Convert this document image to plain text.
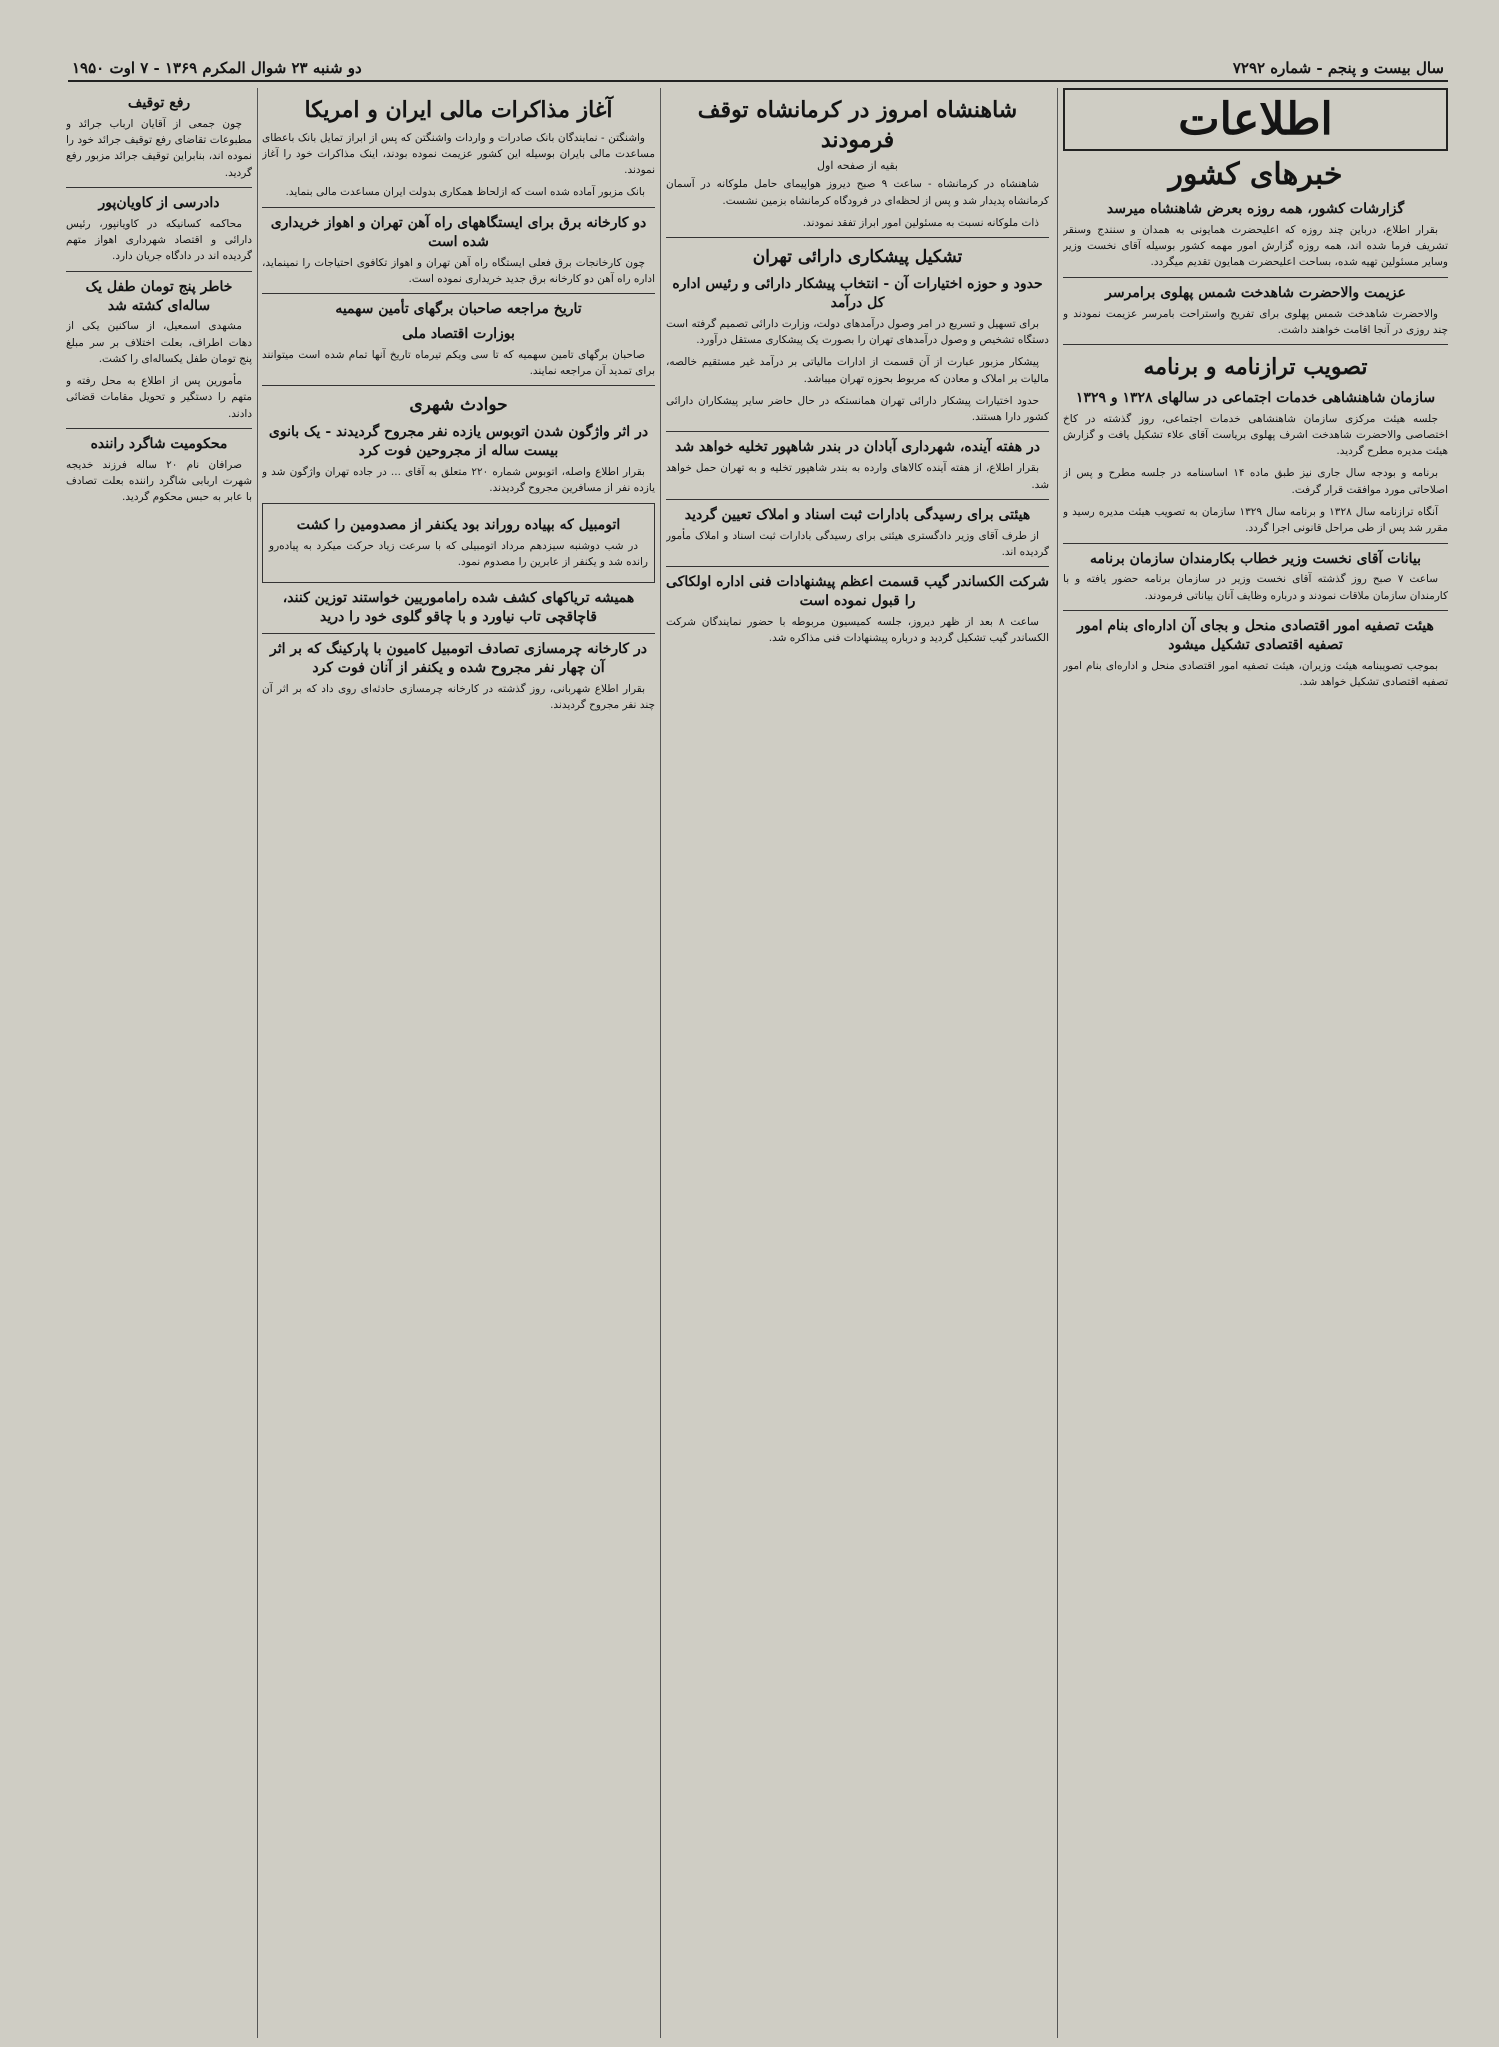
سال بیست و پنجم - شماره ۷۲۹۲
دو شنبه ۲۳ شوال المکرم ۱۳۶۹ - ۷ اوت ۱۹۵۰
اطلاعات
خبرهای کشور
گزارشات کشور، همه روزه بعرض شاهنشاه میرسد

بقرار اطلاع، درباین چند روزه که اعلیحضرت همایونی به همدان و سنندج وسنقر تشریف فرما شده اند، همه روزه گزارش امور مهمه کشور بوسیله آقای نخست وزیر وسایر مسئولین تهیه شده، بساحت اعلیحضرت همایون تقدیم میگردد.

عزیمت والاحضرت شاهدخت شمس پهلوی برامرسر

والاحضرت شاهدخت شمس پهلوی برای تفریح واستراحت بامرسر عزیمت نمودند و چند روزی در آنجا اقامت خواهند داشت.

تصویب ترازنامه و برنامه
سازمان شاهنشاهی خدمات اجتماعی در سالهای ۱۳۲۸ و ۱۳۲۹

جلسه هیئت مرکزی سازمان شاهنشاهی خدمات اجتماعی، روز گذشته در کاخ اختصاصی والاحضرت شاهدخت اشرف پهلوی بریاست آقای علاء تشکیل یافت و گزارش هیئت مدیره مطرح گردید.

برنامه و بودجه سال جاری نیز طبق ماده ۱۴ اساسنامه در جلسه مطرح و پس از اصلاحاتی مورد موافقت قرار گرفت.

آنگاه ترازنامه سال ۱۳۲۸ و برنامه سال ۱۳۲۹ سازمان به تصویب هیئت مدیره رسید و مقرر شد پس از طی مراحل قانونی اجرا گردد.

بیانات آقای نخست وزیر خطاب بکارمندان سازمان برنامه

ساعت ۷ صبح روز گذشته آقای نخست وزیر در سازمان برنامه حضور یافته و با کارمندان سازمان ملاقات نمودند و درباره وظایف آنان بیاناتی فرمودند.

هیئت تصفیه امور اقتصادی منحل و بجای آن اداره‌ای بنام امور تصفیه اقتصادی تشکیل میشود

بموجب تصویبنامه هیئت وزیران، هیئت تصفیه امور اقتصادی منحل و اداره‌ای بنام امور تصفیه اقتصادی تشکیل خواهد شد.

شاهنشاه امروز در کرمانشاه توقف فرمودند
بقیه از صفحه اول

شاهنشاه در کرمانشاه - ساعت ۹ صبح دیروز هواپیمای حامل ملوکانه در آسمان کرمانشاه پدیدار شد و پس از لحظه‌ای در فرودگاه کرمانشاه بزمین نشست.

ذات ملوکانه نسبت به مسئولین امور ابراز تفقد نمودند.

تشکیل پیشکاری دارائی تهران
حدود و حوزه اختیارات آن - انتخاب پیشکار دارائی و رئیس اداره کل درآمد

برای تسهیل و تسریع در امر وصول درآمدهای دولت، وزارت دارائی تصمیم گرفته است دستگاه تشخیص و وصول درآمدهای تهران را بصورت یک پیشکاری مستقل درآورد.

پیشکار مزبور عبارت از آن قسمت از ادارات مالیاتی بر درآمد غیر مستقیم خالصه، مالیات بر املاک و معادن که مربوط بحوزه تهران میباشد.

حدود اختیارات پیشکار دارائی تهران همانستکه در حال حاضر سایر پیشکاران دارائی کشور دارا هستند.

در هفته آینده، شهرداری آبادان در بندر شاهپور تخلیه خواهد شد

بقرار اطلاع، از هفته آینده کالاهای وارده به بندر شاهپور تخلیه و به تهران حمل خواهد شد.

هیئتی برای رسیدگی بادارات ثبت اسناد و املاک تعیین گردید

از طرف آقای وزیر دادگستری هیئتی برای رسیدگی بادارات ثبت اسناد و املاک مأمور گردیده اند.

شرکت الکساندر گیب قسمت اعظم پیشنهادات فنی اداره اولکاکی را قبول نموده است

ساعت ۸ بعد از ظهر دیروز، جلسه کمیسیون مربوطه با حضور نمایندگان شرکت الکساندر گیب تشکیل گردید و درباره پیشنهادات فنی مذاکره شد.

آغاز مذاکرات مالی ایران و امریکا

واشنگتن - نمایندگان بانک صادرات و واردات واشنگتن که پس از ابراز تمایل بانک باعطای مساعدت مالی بایران بوسیله این کشور عزیمت نموده بودند، اینک مذاکرات خود را آغاز نمودند.

بانک مزبور آماده شده است که ازلحاظ همکاری بدولت ایران مساعدت مالی بنماید.

دو کارخانه برق برای ایستگاههای راه آهن تهران و اهواز خریداری شده است

چون کارخانجات برق فعلی ایستگاه راه آهن تهران و اهواز تکافوی احتیاجات را نمینماید، اداره راه آهن دو کارخانه برق جدید خریداری نموده است.

تاریخ مراجعه صاحبان برگهای تأمین سهمیه
بوزارت اقتصاد ملی

صاحبان برگهای تامین سهمیه که تا سی ویکم تیرماه تاریخ آنها تمام شده است میتوانند برای تمدید آن مراجعه نمایند.

حوادث شهری
در اثر واژگون شدن اتوبوس یازده نفر مجروح گردیدند - یک بانوی بیست ساله از مجروحین فوت کرد

بقرار اطلاع واصله، اتوبوس شماره ۲۲۰ متعلق به آقای ... در جاده تهران واژگون شد و یازده نفر از مسافرین مجروح گردیدند.

اتومبیل که بپیاده روراند بود یکنفر از مصدومین را کشت

در شب دوشنبه سیزدهم مرداد اتومبیلی که با سرعت زیاد حرکت میکرد به پیاده‌رو رانده شد و یکنفر از عابرین را مصدوم نمود.

همیشه تریاکهای کشف شده راماموریین خواستند توزین کنند، قاچاقچی تاب نیاورد و با چاقو گلوی خود را درید
در کارخانه چرمسازی تصادف اتومبیل کامیون با پارکینگ که بر اثر آن چهار نفر مجروح شده و یکنفر از آنان فوت کرد

بقرار اطلاع شهربانی، روز گذشته در کارخانه چرمسازی حادثه‌ای روی داد که بر اثر آن چند نفر مجروح گردیدند.

رفع توقیف

چون جمعی از آقایان ارباب جرائد و مطبوعات تقاضای رفع توقیف جرائد خود را نموده اند، بنابراین توقیف جرائد مزبور رفع گردید.

دادرسی از کاویان‌پور

محاکمه کسانیکه در کاویانپور، رئیس دارائی و اقتصاد شهرداری اهواز متهم گردیده اند در دادگاه جریان دارد.

خاطر پنج تومان طفل یک ساله‌ای کشته شد

مشهدی اسمعیل، از ساکنین یکی از دهات اطراف، بعلت اختلاف بر سر مبلغ پنج تومان طفل یکساله‌ای را کشت.

مأمورین پس از اطلاع به محل رفته و متهم را دستگیر و تحویل مقامات قضائی دادند.

محکومیت شاگرد راننده

صرافان نام ۲۰ ساله فرزند خدیجه شهرت اربابی شاگرد راننده بعلت تصادف با عابر به حبس محکوم گردید.
